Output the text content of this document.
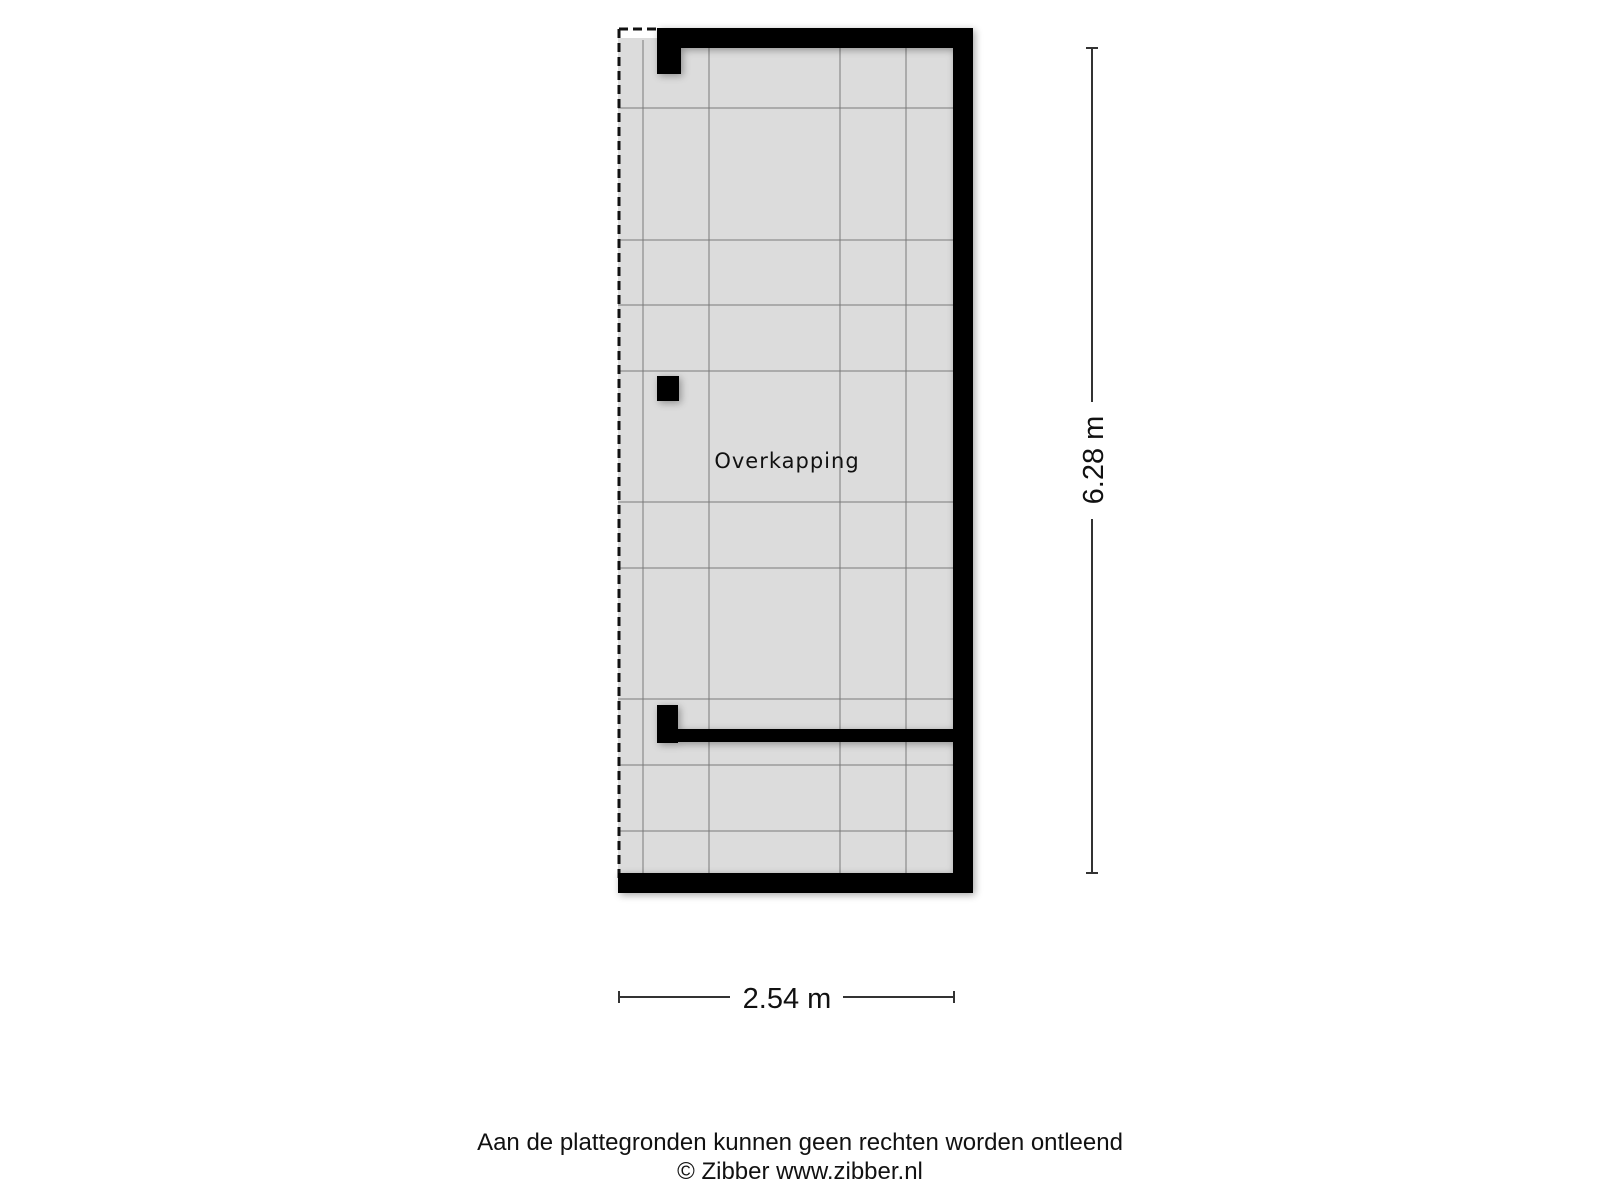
Overkapping	6.28 m
2.54 m
Aan de plattegronden kunnen geen rechten worden ontleend
© Zibber www.zibber.nl
